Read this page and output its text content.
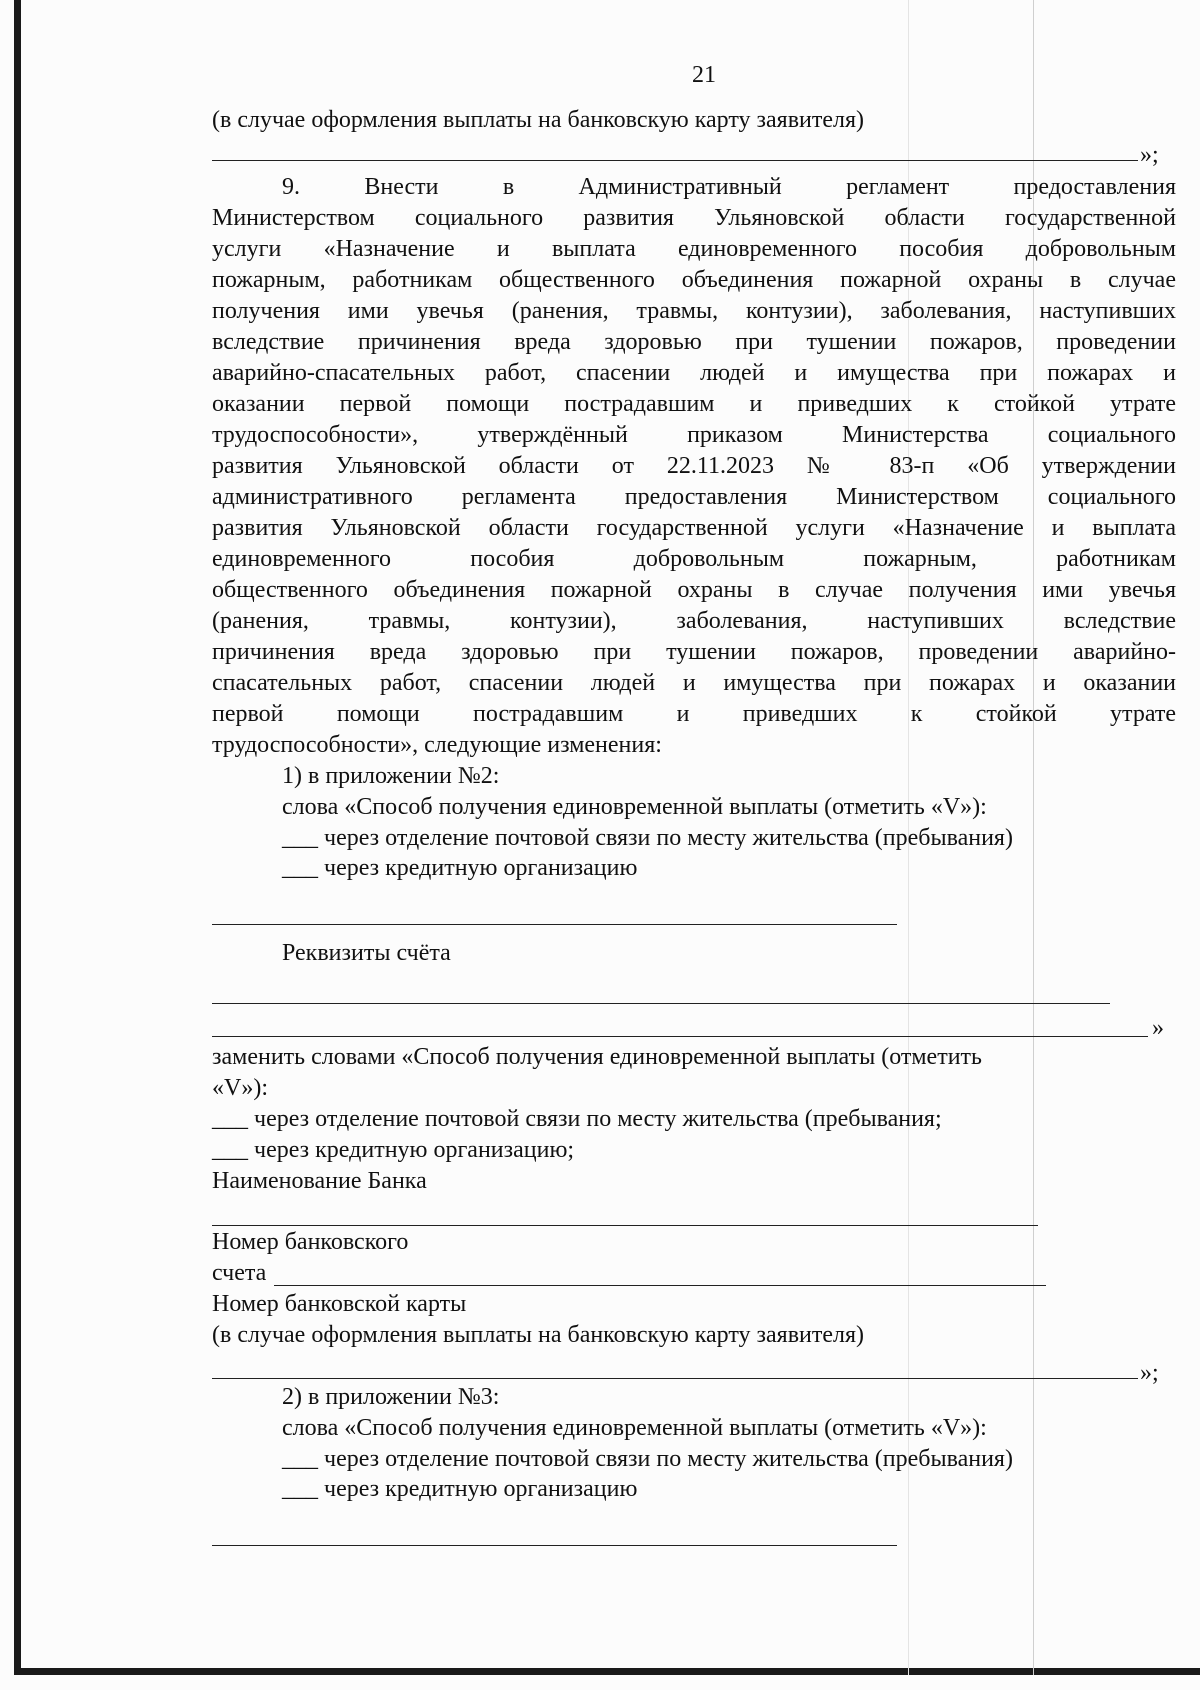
21
(в случае оформления выплаты на банковскую карту заявителя)
»;
9. Внести в Административный регламент предоставления
Министерством социального развития Ульяновской области государственной
услуги «Назначение и выплата единовременного пособия добровольным
пожарным, работникам общественного объединения пожарной охраны в случае
получения ими увечья (ранения, травмы, контузии), заболевания, наступивших
вследствие причинения вреда здоровью при тушении пожаров, проведении
аварийно-спасательных работ, спасении людей и имущества при пожарах и
оказании первой помощи пострадавшим и приведших к стойкой утрате
трудоспособности», утверждённый приказом Министерства социального
развития Ульяновской области от 22.11.2023 № 83-п «Об утверждении
административного регламента предоставления Министерством социального
развития Ульяновской области государственной услуги «Назначение и выплата
единовременного пособия добровольным пожарным, работникам
общественного объединения пожарной охраны в случае получения ими увечья
(ранения, травмы, контузии), заболевания, наступивших вследствие
причинения вреда здоровью при тушении пожаров, проведении аварийно-
спасательных работ, спасении людей и имущества при пожарах и оказании
первой помощи пострадавшим и приведших к стойкой утрате
трудоспособности», следующие изменения:
1) в приложении №2:
слова «Способ получения единовременной выплаты (отметить «V»):
___ через отделение почтовой связи по месту жительства (пребывания)
___ через кредитную организацию
Реквизиты счёта
»
заменить словами «Способ получения единовременной выплаты (отметить
«V»):
___ через отделение почтовой связи по месту жительства (пребывания;
___ через кредитную организацию;
Наименование Банка
Номер банковского
счета
Номер банковской карты
(в случае оформления выплаты на банковскую карту заявителя)
»;
2) в приложении №3:
слова «Способ получения единовременной выплаты (отметить «V»):
___ через отделение почтовой связи по месту жительства (пребывания)
___ через кредитную организацию
